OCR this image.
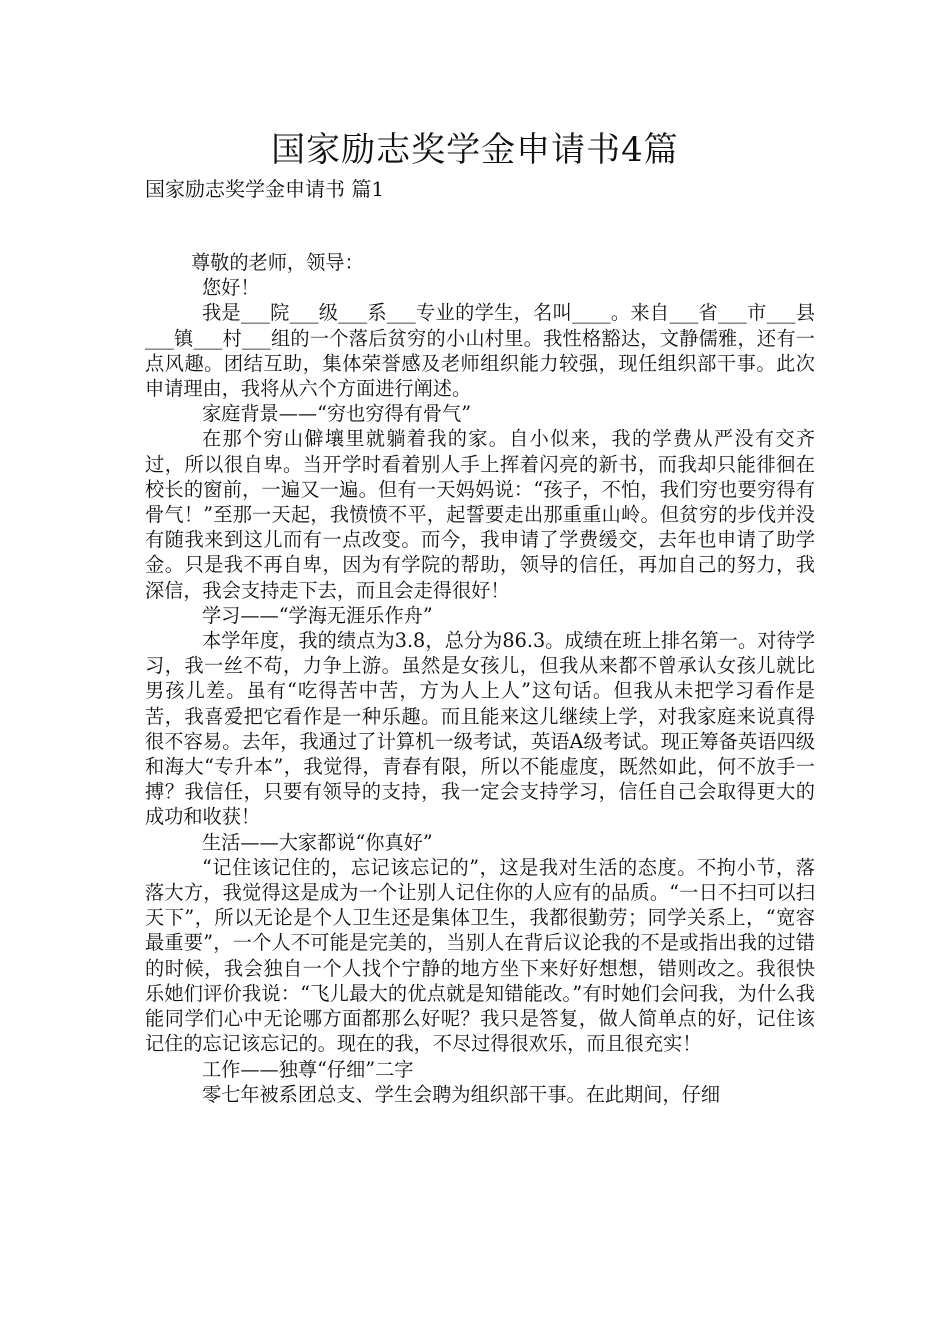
国家励志奖学金申请书4篇
国家励志奖学金申请书 篇1

尊敬的老师，领导：

您好！

我是___院___级___系___专业的学生，名叫____。来自___省___市___县___镇___村___组的一个落后贫穷的小山村里。我性格豁达，文静儒雅，还有一点风趣。团结互助，集体荣誉感及老师组织能力较强，现任组织部干事。此次申请理由，我将从六个方面进行阐述。

家庭背景——“穷也穷得有骨气”

在那个穷山僻壤里就躺着我的家。自小似来，我的学费从严没有交齐过，所以很自卑。当开学时看着别人手上挥着闪亮的新书，而我却只能徘徊在校长的窗前，一遍又一遍。但有一天妈妈说：“孩子，不怕，我们穷也要穷得有骨气！”至那一天起，我愤愤不平，起誓要走出那重重山岭。但贫穷的步伐并没有随我来到这儿而有一点改变。而今，我申请了学费缓交，去年也申请了助学金。只是我不再自卑，因为有学院的帮助，领导的信任，再加自己的努力，我深信，我会支持走下去，而且会走得很好！

学习——“学海无涯乐作舟”

本学年度，我的绩点为3.8，总分为86.3。成绩在班上排名第一。对待学习，我一丝不苟，力争上游。虽然是女孩儿，但我从来都不曾承认女孩儿就比男孩儿差。虽有“吃得苦中苦，方为人上人”这句话。但我从未把学习看作是苦，我喜爱把它看作是一种乐趣。而且能来这儿继续上学，对我家庭来说真得很不容易。去年，我通过了计算机一级考试，英语A级考试。现正筹备英语四级和海大“专升本”，我觉得，青春有限，所以不能虚度，既然如此，何不放手一搏？我信任，只要有领导的支持，我一定会支持学习，信任自己会取得更大的成功和收获！

生活——大家都说“你真好”

“记住该记住的，忘记该忘记的”，这是我对生活的态度。不拘小节，落落大方，我觉得这是成为一个让别人记住你的人应有的品质。“一日不扫可以扫天下”，所以无论是个人卫生还是集体卫生，我都很勤劳；同学关系上，“宽容最重要”，一个人不可能是完美的，当别人在背后议论我的不是或指出我的过错的时候，我会独自一个人找个宁静的地方坐下来好好想想，错则改之。我很快乐她们评价我说：“飞儿最大的优点就是知错能改。”有时她们会问我，为什么我能同学们心中无论哪方面都那么好呢？我只是答复，做人简单点的好，记住该记住的忘记该忘记的。现在的我，不尽过得很欢乐，而且很充实！

工作——独尊“仔细”二字

零七年被系团总支、学生会聘为组织部干事。在此期间，仔细
